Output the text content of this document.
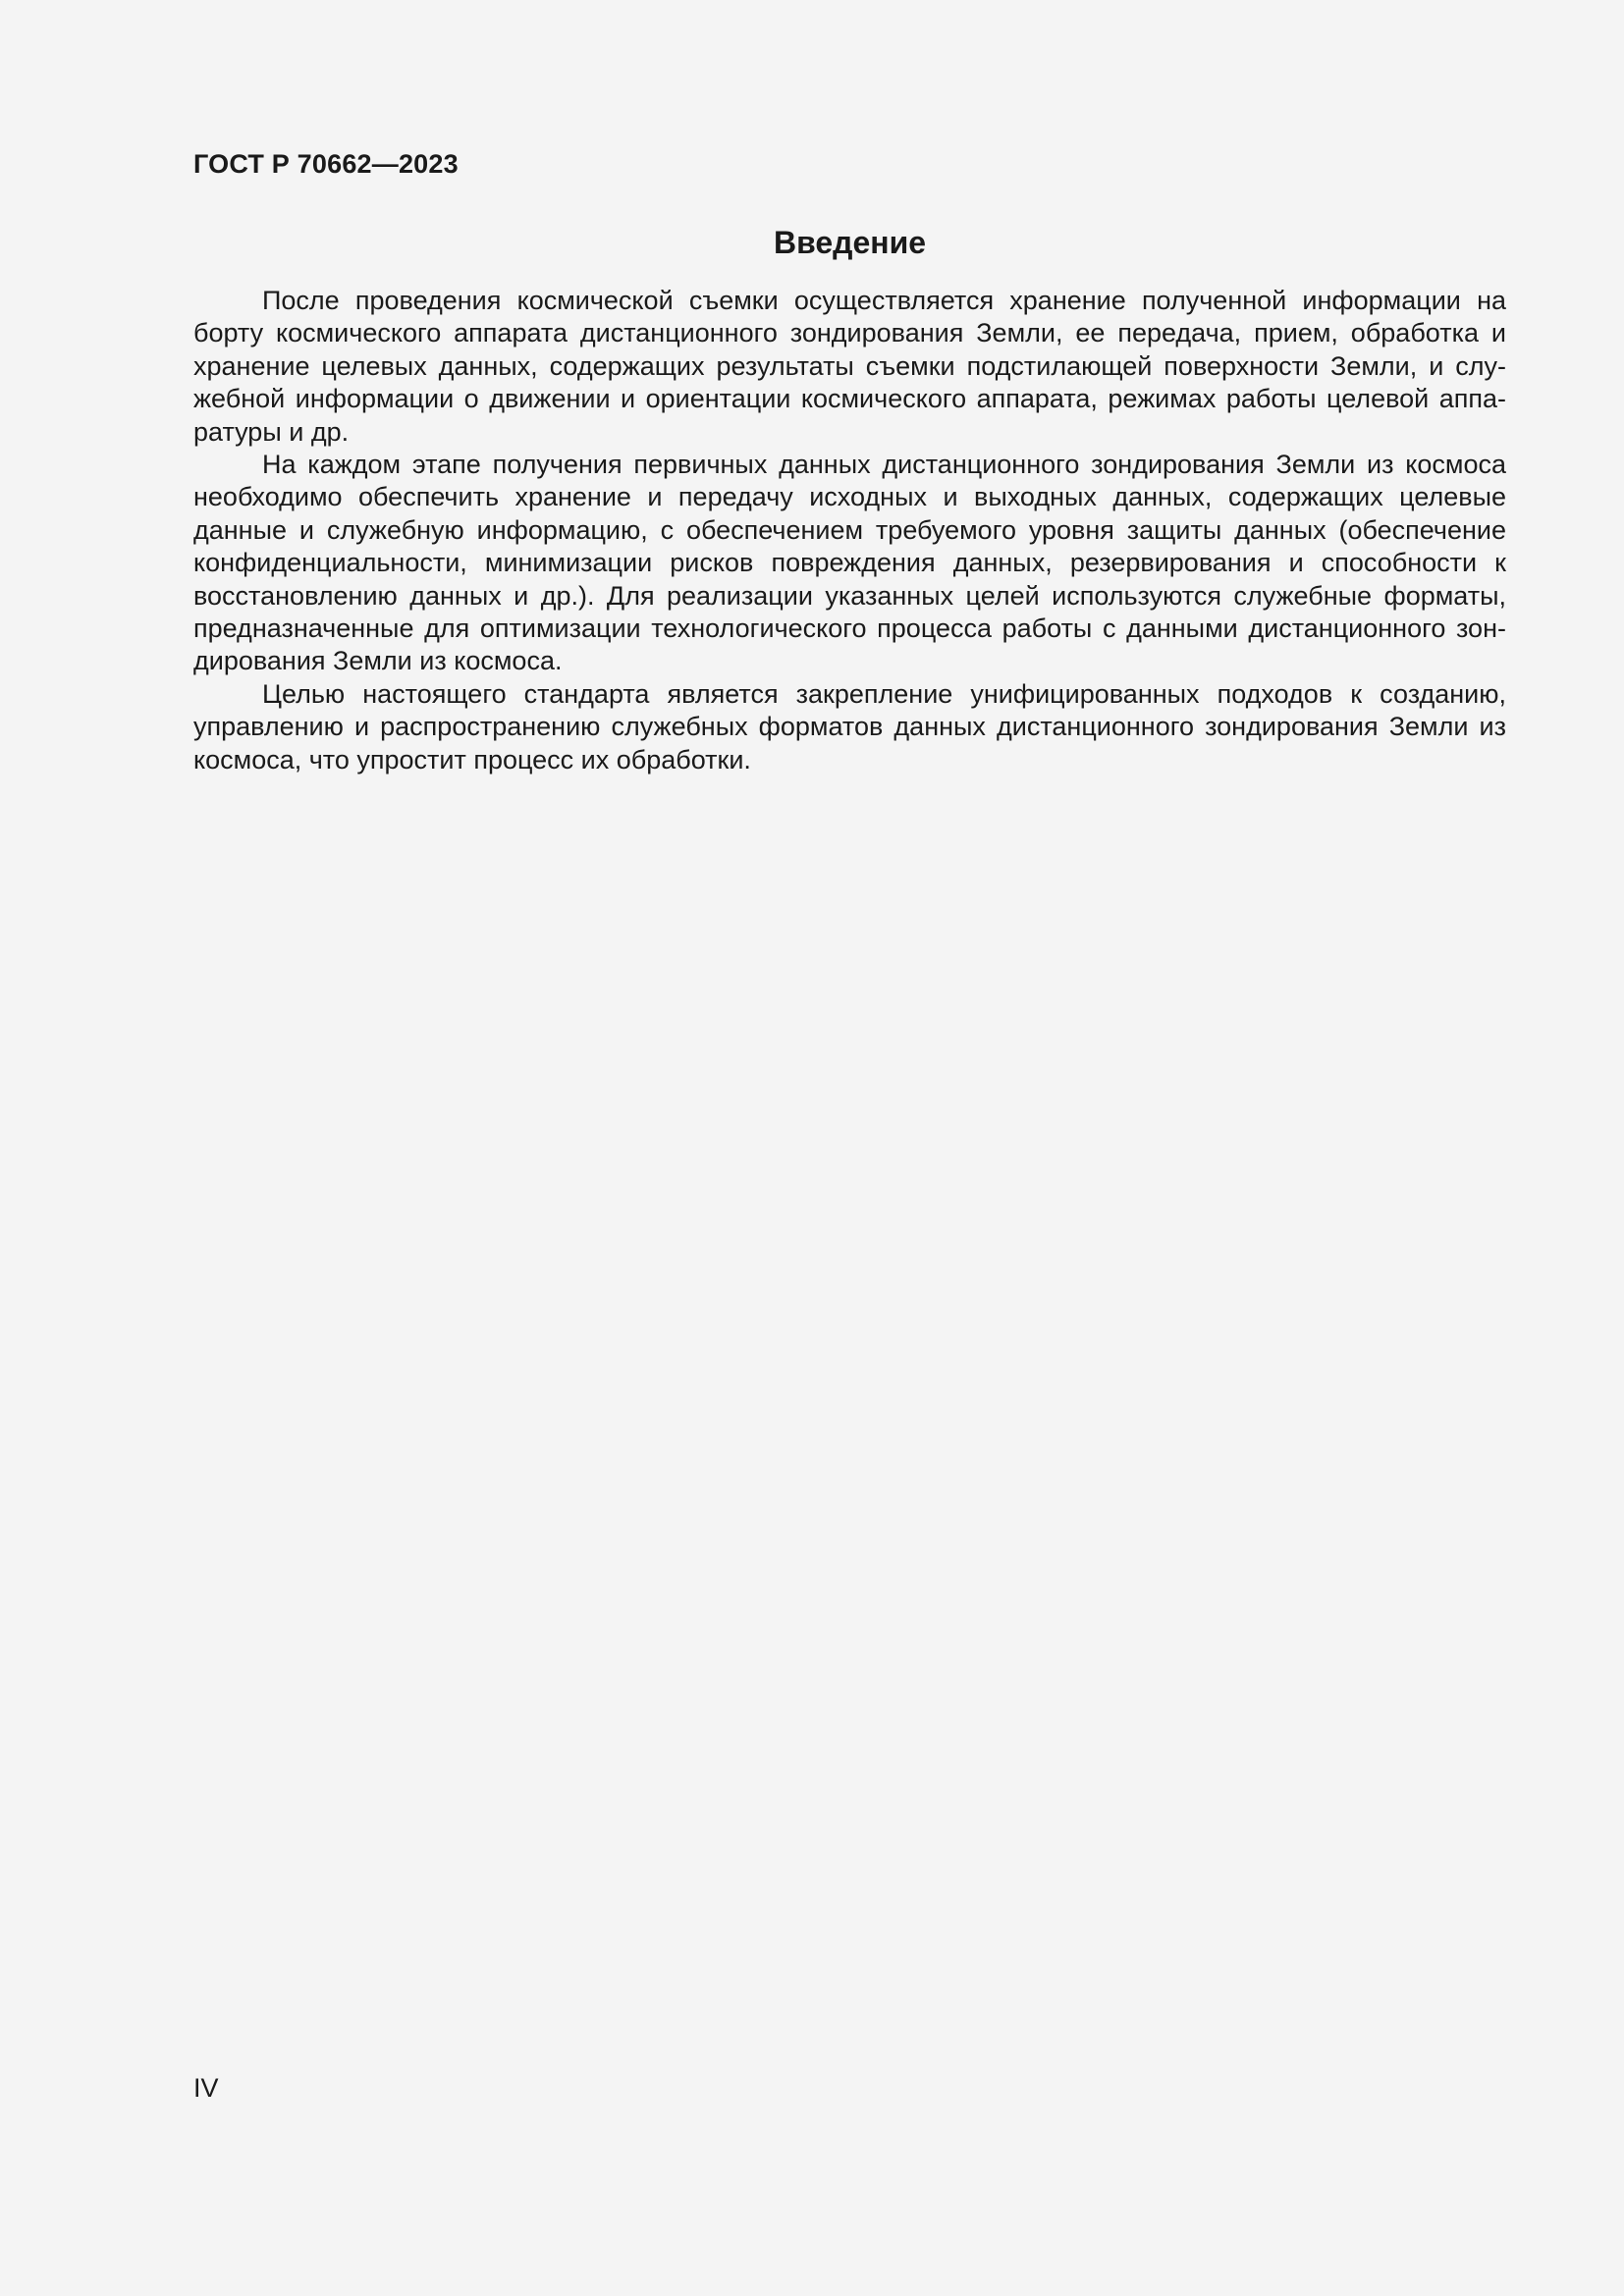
ГОСТ Р 70662—2023
Введение

После проведения космической съемки осуществляется хранение полученной информации на борту космического аппарата дистанционного зондирования Земли, ее передача, прием, обработка и хранение целевых данных, содержащих результаты съемки подстилающей поверхности Земли, и служебной информации о движении и ориентации космического аппарата, режимах работы целевой аппаратуры и др.

На каждом этапе получения первичных данных дистанционного зондирования Земли из космоса необходимо обеспечить хранение и передачу исходных и выходных данных, содержащих целевые данные и служебную информацию, с обеспечением требуемого уровня защиты данных (обеспечение конфиденциальности, минимизации рисков повреждения данных, резервирования и способности к восстановлению данных и др.). Для реализации указанных целей используются служебные форматы, предназначенные для оптимизации технологического процесса работы с данными дистанционного зондирования Земли из космоса.

Целью настоящего стандарта является закрепление унифицированных подходов к созданию, управлению и распространению служебных форматов данных дистанционного зондирования Земли из космоса, что упростит процесс их обработки.

IV
